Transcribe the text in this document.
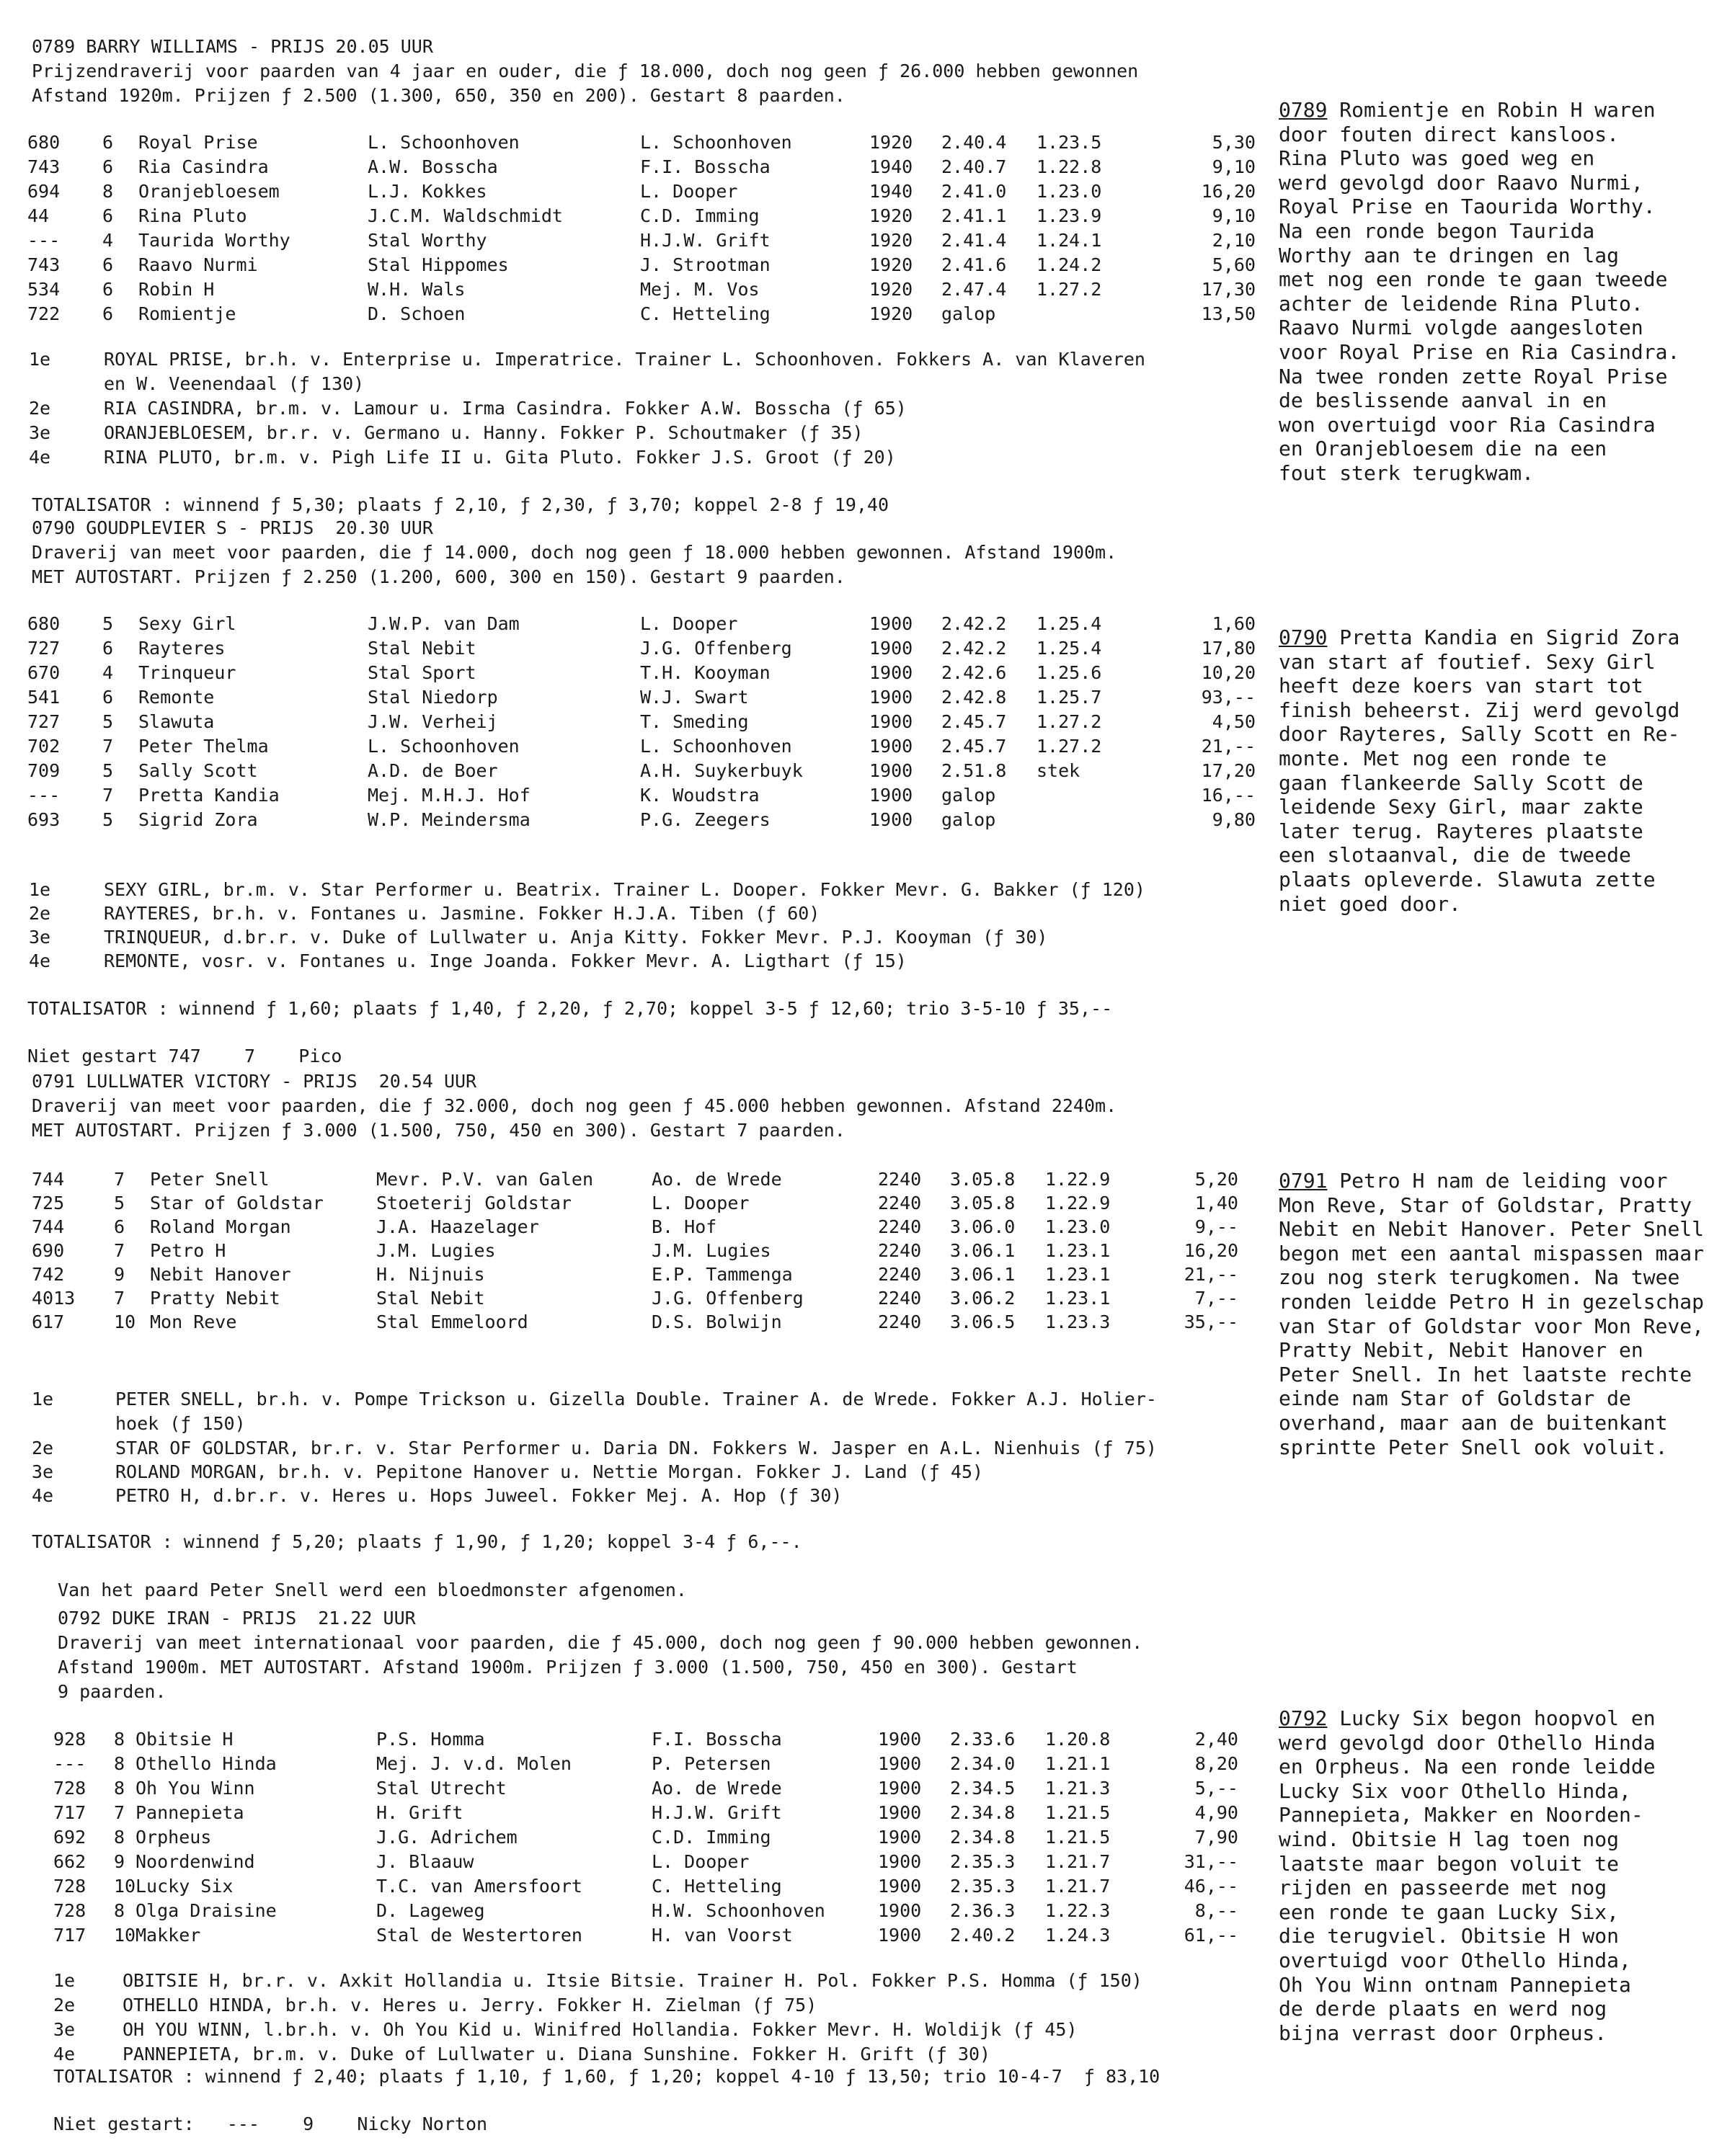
0789 BARRY WILLIAMS - PRIJS 20.05 UUR
Prijzendraverij voor paarden van 4 jaar en ouder, die ƒ 18.000, doch nog geen ƒ 26.000 hebben gewonnen
Afstand 1920m. Prijzen ƒ 2.500 (1.300, 650, 350 en 200). Gestart 8 paarden.
680 6 Royal Prise	L. Schoonhoven	L. Schoonhoven	1920 2.40.4 1.23.5	5,30
743 6 Ria Casindra	A.W. Bosscha	F.I. Bosscha	1940 2.40.7 1.22.8	9,10
694 8 Oranjebloesem	L.J. Kokkes	L. Dooper	1940 2.41.0 1.23.0	16,20
44	6 Rina Pluto	J.C.M. Waldschmidt	C.D. Imming	1920 2.41.1 1.23.9	9,10
--- 4 Taurida Worthy	Stal Worthy	H.J.W. Grift	1920 2.41.4 1.24.1	2,10
743 6 Raavo Nurmi	Stal Hippomes	J. Strootman	1920 2.41.6 1.24.2	5,60
534 6 Robin H	W.H. Wals	Mej. M. Vos	1920 2.47.4 1.27.2	17,30
722 6 Romientje	D. Schoen	C. Hetteling	1920 galop	13,50
1e	ROYAL PRISE, br.h. v. Enterprise u. Imperatrice. Trainer L. Schoonhoven. Fokkers A. van Klaveren
en W. Veenendaal (ƒ 130)
2e	RIA CASINDRA, br.m. v. Lamour u. Irma Casindra. Fokker A.W. Bosscha (ƒ 65)
3e	ORANJEBLOESEM, br.r. v. Germano u. Hanny. Fokker P. Schoutmaker (ƒ 35)
4e	RINA PLUTO, br.m. v. Pigh Life II u. Gita Pluto. Fokker J.S. Groot (ƒ 20)
TOTALISATOR : winnend ƒ 5,30; plaats ƒ 2,10, ƒ 2,30, ƒ 3,70; koppel 2-8 ƒ 19,40
0789 Romientje en Robin H waren
door fouten direct kansloos.
Rina Pluto was goed weg en
werd gevolgd door Raavo Nurmi,
Royal Prise en Taourida Worthy.
Na een ronde begon Taurida
Worthy aan te dringen en lag
met nog een ronde te gaan tweede
achter de leidende Rina Pluto.
Raavo Nurmi volgde aangesloten
voor Royal Prise en Ria Casindra.
Na twee ronden zette Royal Prise
de beslissende aanval in en
won overtuigd voor Ria Casindra
en Oranjebloesem die na een
fout sterk terugkwam.
0790 GOUDPLEVIER S - PRIJS  20.30 UUR
Draverij van meet voor paarden, die ƒ 14.000, doch nog geen ƒ 18.000 hebben gewonnen. Afstand 1900m.
MET AUTOSTART. Prijzen ƒ 2.250 (1.200, 600, 300 en 150). Gestart 9 paarden.
680 5 Sexy Girl	J.W.P. van Dam	L. Dooper	1900 2.42.2 1.25.4	1,60
727 6 Rayteres	Stal Nebit	J.G. Offenberg	1900 2.42.2 1.25.4	17,80
670 4 Trinqueur	Stal Sport	T.H. Kooyman	1900 2.42.6 1.25.6	10,20
541 6 Remonte	Stal Niedorp	W.J. Swart	1900 2.42.8 1.25.7	93,--
727 5 Slawuta	J.W. Verheij	T. Smeding	1900 2.45.7 1.27.2	4,50
702 7 Peter Thelma	L. Schoonhoven	L. Schoonhoven	1900 2.45.7 1.27.2	21,--
709 5 Sally Scott	A.D. de Boer	A.H. Suykerbuyk	1900 2.51.8 stek	17,20
--- 7 Pretta Kandia	Mej. M.H.J. Hof	K. Woudstra	1900 galop	16,--
693 5 Sigrid Zora	W.P. Meindersma	P.G. Zeegers	1900 galop	9,80
1e	SEXY GIRL, br.m. v. Star Performer u. Beatrix. Trainer L. Dooper. Fokker Mevr. G. Bakker (ƒ 120)
2e	RAYTERES, br.h. v. Fontanes u. Jasmine. Fokker H.J.A. Tiben (ƒ 60)
3e	TRINQUEUR, d.br.r. v. Duke of Lullwater u. Anja Kitty. Fokker Mevr. P.J. Kooyman (ƒ 30)
4e	REMONTE, vosr. v. Fontanes u. Inge Joanda. Fokker Mevr. A. Ligthart (ƒ 15)
TOTALISATOR : winnend ƒ 1,60; plaats ƒ 1,40, ƒ 2,20, ƒ 2,70; koppel 3-5 ƒ 12,60; trio 3-5-10 ƒ 35,--
Niet gestart 747    7    Pico
0790 Pretta Kandia en Sigrid Zora
van start af foutief. Sexy Girl
heeft deze koers van start tot
finish beheerst. Zij werd gevolgd
door Rayteres, Sally Scott en Re-
monte. Met nog een ronde te
gaan flankeerde Sally Scott de
leidende Sexy Girl, maar zakte
later terug. Rayteres plaatste
een slotaanval, die de tweede
plaats opleverde. Slawuta zette
niet goed door.
0791 LULLWATER VICTORY - PRIJS  20.54 UUR
Draverij van meet voor paarden, die ƒ 32.000, doch nog geen ƒ 45.000 hebben gewonnen. Afstand 2240m.
MET AUTOSTART. Prijzen ƒ 3.000 (1.500, 750, 450 en 300). Gestart 7 paarden.
744	7 Peter Snell	Mevr. P.V. van Galen	Ao. de Wrede	2240 3.05.8 1.22.9	5,20
725	5 Star of Goldstar	Stoeterij Goldstar	L. Dooper	2240 3.05.8 1.22.9	1,40
744	6 Roland Morgan	J.A. Haazelager	B. Hof	2240 3.06.0 1.23.0	9,--
690	7 Petro H	J.M. Lugies	J.M. Lugies	2240 3.06.1 1.23.1	16,20
742	9 Nebit Hanover	H. Nijnuis	E.P. Tammenga	2240 3.06.1 1.23.1	21,--
4013 7 Pratty Nebit	Stal Nebit	J.G. Offenberg	2240 3.06.2 1.23.1	7,--
617	10 Mon Reve	Stal Emmeloord	D.S. Bolwijn	2240 3.06.5 1.23.3	35,--
1e	PETER SNELL, br.h. v. Pompe Trickson u. Gizella Double. Trainer A. de Wrede. Fokker A.J. Holier-
hoek (ƒ 150)
2e	STAR OF GOLDSTAR, br.r. v. Star Performer u. Daria DN. Fokkers W. Jasper en A.L. Nienhuis (ƒ 75)
3e	ROLAND MORGAN, br.h. v. Pepitone Hanover u. Nettie Morgan. Fokker J. Land (ƒ 45)
4e	PETRO H, d.br.r. v. Heres u. Hops Juweel. Fokker Mej. A. Hop (ƒ 30)
TOTALISATOR : winnend ƒ 5,20; plaats ƒ 1,90, ƒ 1,20; koppel 3-4 ƒ 6,--.
Van het paard Peter Snell werd een bloedmonster afgenomen.
0791 Petro H nam de leiding voor
Mon Reve, Star of Goldstar, Pratty
Nebit en Nebit Hanover. Peter Snell
begon met een aantal mispassen maar
zou nog sterk terugkomen. Na twee
ronden leidde Petro H in gezelschap
van Star of Goldstar voor Mon Reve,
Pratty Nebit, Nebit Hanover en
Peter Snell. In het laatste rechte
einde nam Star of Goldstar de
overhand, maar aan de buitenkant
sprintte Peter Snell ook voluit.
0792 DUKE IRAN - PRIJS  21.22 UUR
Draverij van meet internationaal voor paarden, die ƒ 45.000, doch nog geen ƒ 90.000 hebben gewonnen.
Afstand 1900m. MET AUTOSTART. Afstand 1900m. Prijzen ƒ 3.000 (1.500, 750, 450 en 300). Gestart
9 paarden.
928 8 Obitsie H	P.S. Homma	F.I. Bosscha	1900 2.33.6 1.20.8	2,40
--- 8 Othello Hinda	Mej. J. v.d. Molen	P. Petersen	1900 2.34.0 1.21.1	8,20
728 8 Oh You Winn	Stal Utrecht	Ao. de Wrede	1900 2.34.5 1.21.3	5,--
717 7 Pannepieta	H. Grift	H.J.W. Grift	1900 2.34.8 1.21.5	4,90
692 8 Orpheus	J.G. Adrichem	C.D. Imming	1900 2.34.8 1.21.5	7,90
662 9 Noordenwind	J. Blaauw	L. Dooper	1900 2.35.3 1.21.7	31,--
728 10 Lucky Six	T.C. van Amersfoort	C. Hetteling	1900 2.35.3 1.21.7	46,--
728 8 Olga Draisine	D. Lageweg	H.W. Schoonhoven	1900 2.36.3 1.22.3	8,--
717 10 Makker	Stal de Westertoren	H. van Voorst	1900 2.40.2 1.24.3	61,--
1e	OBITSIE H, br.r. v. Axkit Hollandia u. Itsie Bitsie. Trainer H. Pol. Fokker P.S. Homma (ƒ 150)
2e	OTHELLO HINDA, br.h. v. Heres u. Jerry. Fokker H. Zielman (ƒ 75)
3e	OH YOU WINN, l.br.h. v. Oh You Kid u. Winifred Hollandia. Fokker Mevr. H. Woldijk (ƒ 45)
4e	PANNEPIETA, br.m. v. Duke of Lullwater u. Diana Sunshine. Fokker H. Grift (ƒ 30)
TOTALISATOR : winnend ƒ 2,40; plaats ƒ 1,10, ƒ 1,60, ƒ 1,20; koppel 4-10 ƒ 13,50; trio 10-4-7  ƒ 83,10
Niet gestart:   ---    9    Nicky Norton
0792 Lucky Six begon hoopvol en
werd gevolgd door Othello Hinda
en Orpheus. Na een ronde leidde
Lucky Six voor Othello Hinda,
Pannepieta, Makker en Noorden-
wind. Obitsie H lag toen nog
laatste maar begon voluit te
rijden en passeerde met nog
een ronde te gaan Lucky Six,
die terugviel. Obitsie H won
overtuigd voor Othello Hinda,
Oh You Winn ontnam Pannepieta
de derde plaats en werd nog
bijna verrast door Orpheus.
